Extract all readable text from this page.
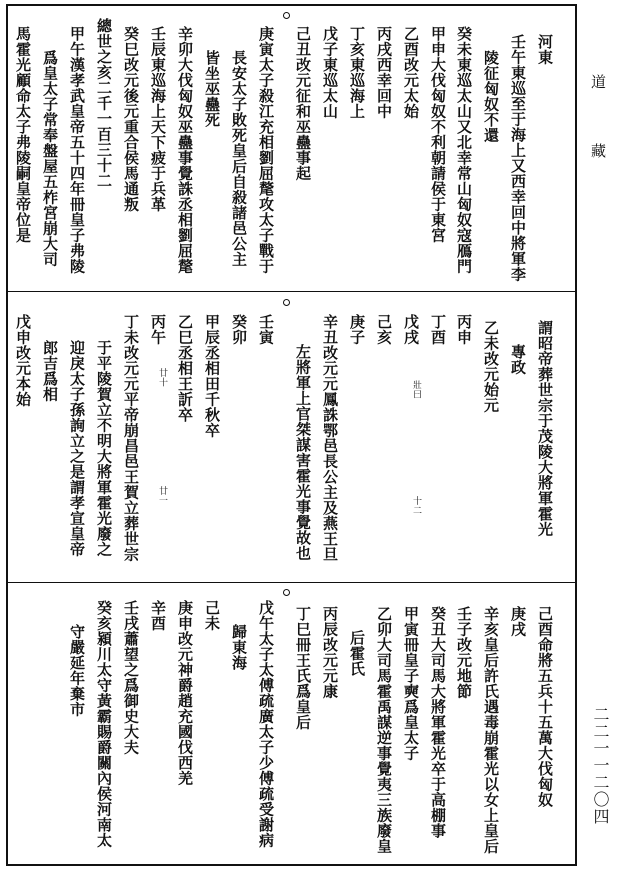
道 藏
二二一一二〇四
河東
壬午東巡至于海上又西幸回中將軍李
陵征匈奴不還
癸未東巡太山又北幸常山匈奴寇鴈門
甲申大伐匈奴不利朝請侯于東宮
乙酉改元太始
丙戌西幸回中
丁亥東巡海上
戊子東巡太山
己丑改元征和巫蠱事起
庚寅太子殺江充相劉屈氂攻太子戰于
長安太子敗死皇后自殺諸邑公主
皆坐巫蠱死
辛卯大伐匈奴巫蠱事覺誅丞相劉屈氂
壬辰東巡海上天下疲于兵革
癸巳改元後元重合侯馬通叛
總世之亥二千一百三十二
甲午漢孝武皇帝五十四年冊皇子弗陵
爲皇太子常奉盤屋五柞宮崩大司
馬霍光顧命太子弗陵嗣皇帝位是
謂昭帝葬世宗于茂陵大將軍霍光
專政
乙未改元始元
丙申
丁酉
戊戌
己亥
庚子
辛丑改元元鳳誅鄂邑長公主及燕王旦
左將軍上官桀謀害霍光事覺故也
壬寅
癸卯
甲辰丞相田千秋卒
乙巳丞相王訢卒
丙午
丁未改元元平帝崩昌邑王賀立葬世宗
于平陵賀立不明大將軍霍光廢之
迎戾太子孫詢立之是謂孝宣皇帝
郎吉爲相
戊申改元本始	壯曰
十二
廿十
廿一
己酉命將五兵十五萬大伐匈奴
庚戌
辛亥皇后許氏遇毒崩霍光以女上皇后
壬子改元地節
癸丑大司馬大將軍霍光卒于高棚事
甲寅冊皇子奭爲皇太子
乙卯大司馬霍禹謀逆事覺夷三族廢皇
后霍氏
丙辰改元元康
丁巳冊王氏爲皇后
戊午太子太傅疏廣太子少傅疏受謝病
歸東海
己未
庚申改元神爵趙充國伐西羌
辛酉
壬戌蕭望之爲御史大夫
癸亥潁川太守黃霸賜爵關內侯河南太
守嚴延年棄市
